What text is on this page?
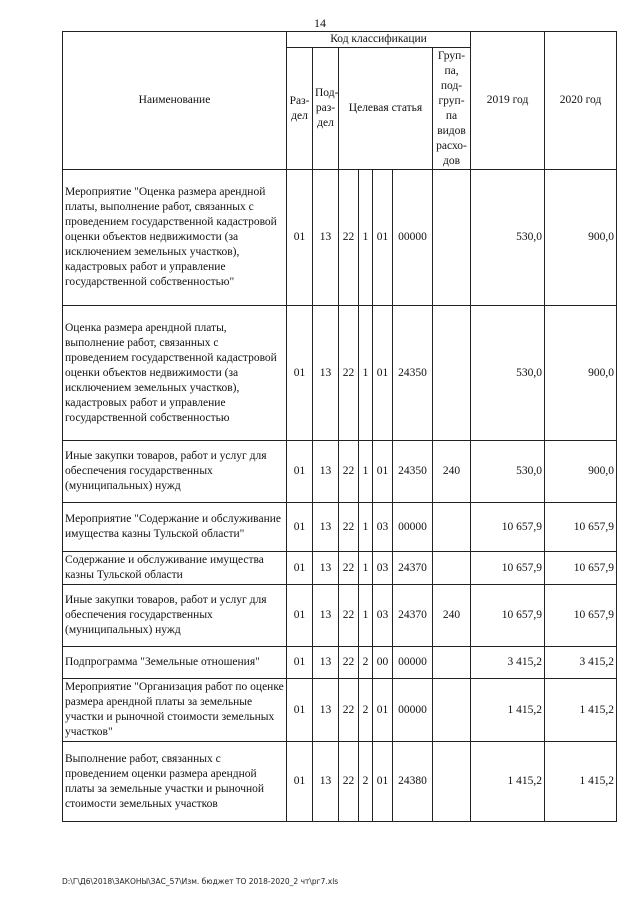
14
Наименование	Код классификации							2019 год	2020 год
	Раз-дел	Под-раз-дел	Целевая статья				Груп-па, под-груп-па видов расхо-дов		
Мероприятие "Оценка размера арендной платы, выполнение работ, связанных с проведением государственной кадастровой оценки объектов недвижимости (за исключением земельных участков), кадастровых работ и управление государственной собственностью"	01	13	22	1	01	00000		530,0	900,0
Оценка размера арендной платы, выполнение работ, связанных с проведением государственной кадастровой оценки объектов недвижимости (за исключением земельных участков), кадастровых работ и управление государственной собственностью	01	13	22	1	01	24350		530,0	900,0
Иные закупки товаров, работ и услуг для обеспечения государственных (муниципальных) нужд	01	13	22	1	01	24350	240	530,0	900,0
Мероприятие "Содержание и обслуживание имущества казны Тульской области"	01	13	22	1	03	00000		10 657,9	10 657,9
Содержание и обслуживание имущества казны Тульской области	01	13	22	1	03	24370		10 657,9	10 657,9
Иные закупки товаров, работ и услуг для обеспечения государственных (муниципальных) нужд	01	13	22	1	03	24370	240	10 657,9	10 657,9
Подпрограмма "Земельные отношения"	01	13	22	2	00	00000		3 415,2	3 415,2
Мероприятие "Организация работ по оценке размера арендной платы за земельные участки и рыночной стоимости земельных участков"	01	13	22	2	01	00000		1 415,2	1 415,2
Выполнение работ, связанных с проведением оценки размера арендной платы за земельные участки и рыночной стоимости земельных участков	01	13	22	2	01	24380		1 415,2	1 415,2
D:\Г\Д6\2018\ЗАКОНЫ\ЗАС_57\Изм. бюджет ТО 2018-2020_2 чт\рг7.xls
